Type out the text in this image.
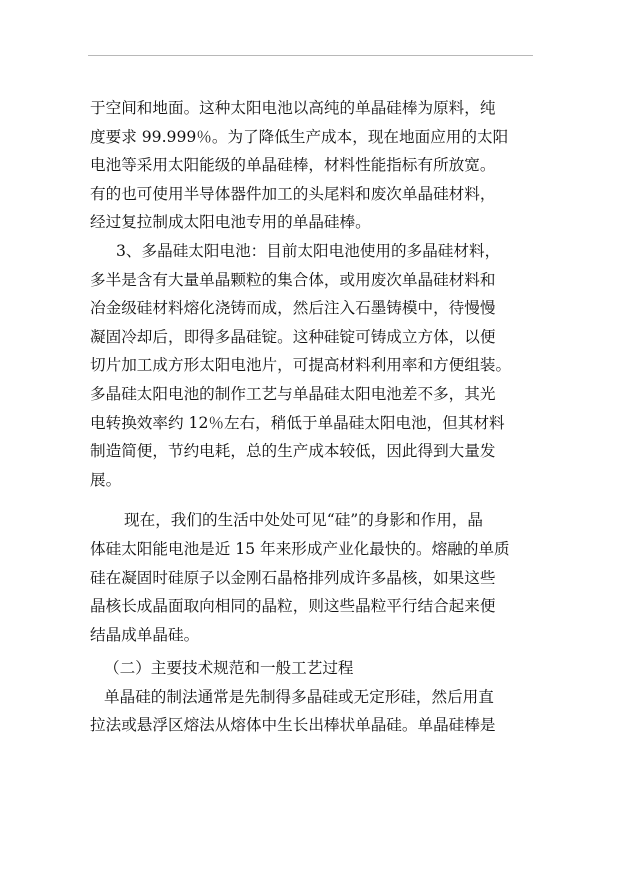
于空间和地面。这种太阳电池以高纯的单晶硅棒为原料，纯
度要求 99.999％。为了降低生产成本，现在地面应用的太阳
电池等采用太阳能级的单晶硅棒，材料性能指标有所放宽。
有的也可使用半导体器件加工的头尾料和废次单晶硅材料，
经过复拉制成太阳电池专用的单晶硅棒。
3、多晶硅太阳电池：目前太阳电池使用的多晶硅材料，
多半是含有大量单晶颗粒的集合体，或用废次单晶硅材料和
冶金级硅材料熔化浇铸而成，然后注入石墨铸模中，待慢慢
凝固冷却后，即得多晶硅锭。这种硅锭可铸成立方体，以便
切片加工成方形太阳电池片，可提高材料利用率和方便组装。
多晶硅太阳电池的制作工艺与单晶硅太阳电池差不多，其光
电转换效率约 12％左右，稍低于单晶硅太阳电池，但其材料
制造简便，节约电耗，总的生产成本较低，因此得到大量发
展。
现在，我们的生活中处处可见“硅”的身影和作用，晶
体硅太阳能电池是近 15 年来形成产业化最快的。熔融的单质
硅在凝固时硅原子以金刚石晶格排列成许多晶核，如果这些
晶核长成晶面取向相同的晶粒，则这些晶粒平行结合起来便
结晶成单晶硅。
（二）主要技术规范和一般工艺过程
单晶硅的制法通常是先制得多晶硅或无定形硅，然后用直
拉法或悬浮区熔法从熔体中生长出棒状单晶硅。单晶硅棒是
